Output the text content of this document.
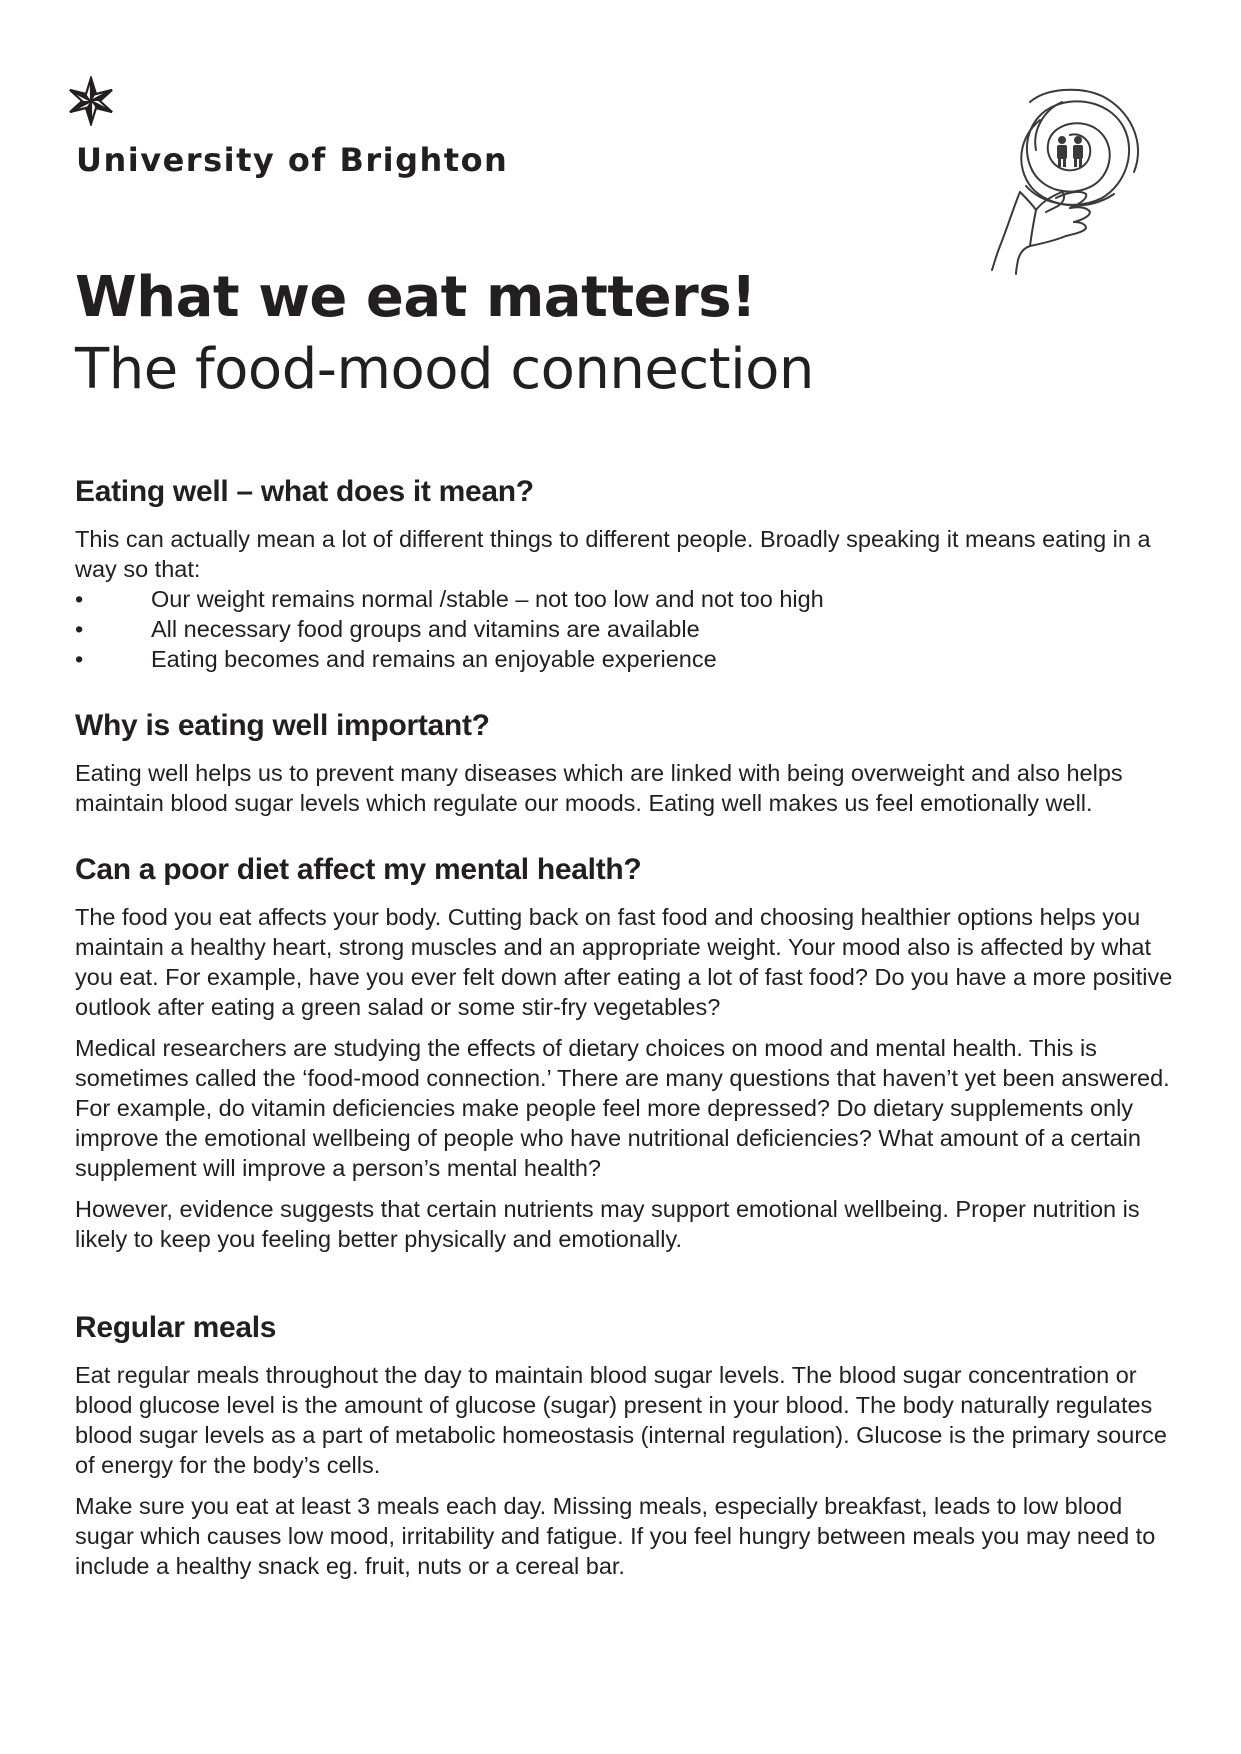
University of Brighton
What we eat matters!
The food-mood connection
Eating well – what does it mean?

This can actually mean a lot of different things to different people. Broadly speaking it means eating in a way so that:

•	Our weight remains normal /stable – not too low and not too high
•	All necessary food groups and vitamins are available
•	Eating becomes and remains an enjoyable experience
Why is eating well important?

Eating well helps us to prevent many diseases which are linked with being overweight and also helps maintain blood sugar levels which regulate our moods. Eating well makes us feel emotionally well.

Can a poor diet affect my mental health?

The food you eat affects your body. Cutting back on fast food and choosing healthier options helps you maintain a healthy heart, strong muscles and an appropriate weight. Your mood also is affected by what you eat. For example, have you ever felt down after eating a lot of fast food? Do you have a more positive outlook after eating a green salad or some stir-fry vegetables?

Medical researchers are studying the effects of dietary choices on mood and mental health. This is sometimes called the ‘food-mood connection.’ There are many questions that haven’t yet been answered. For example, do vitamin deficiencies make people feel more depressed? Do dietary supplements only improve the emotional wellbeing of people who have nutritional deficiencies? What amount of a certain supplement will improve a person’s mental health?

However, evidence suggests that certain nutrients may support emotional wellbeing. Proper nutrition is likely to keep you feeling better physically and emotionally.

Regular meals

Eat regular meals throughout the day to maintain blood sugar levels. The blood sugar concentration or blood glucose level is the amount of glucose (sugar) present in your blood. The body naturally regulates blood sugar levels as a part of metabolic homeostasis (internal regulation). Glucose is the primary source of energy for the body’s cells.

Make sure you eat at least 3 meals each day. Missing meals, especially breakfast, leads to low blood sugar which causes low mood, irritability and fatigue. If you feel hungry between meals you may need to include a healthy snack eg. fruit, nuts or a cereal bar.
